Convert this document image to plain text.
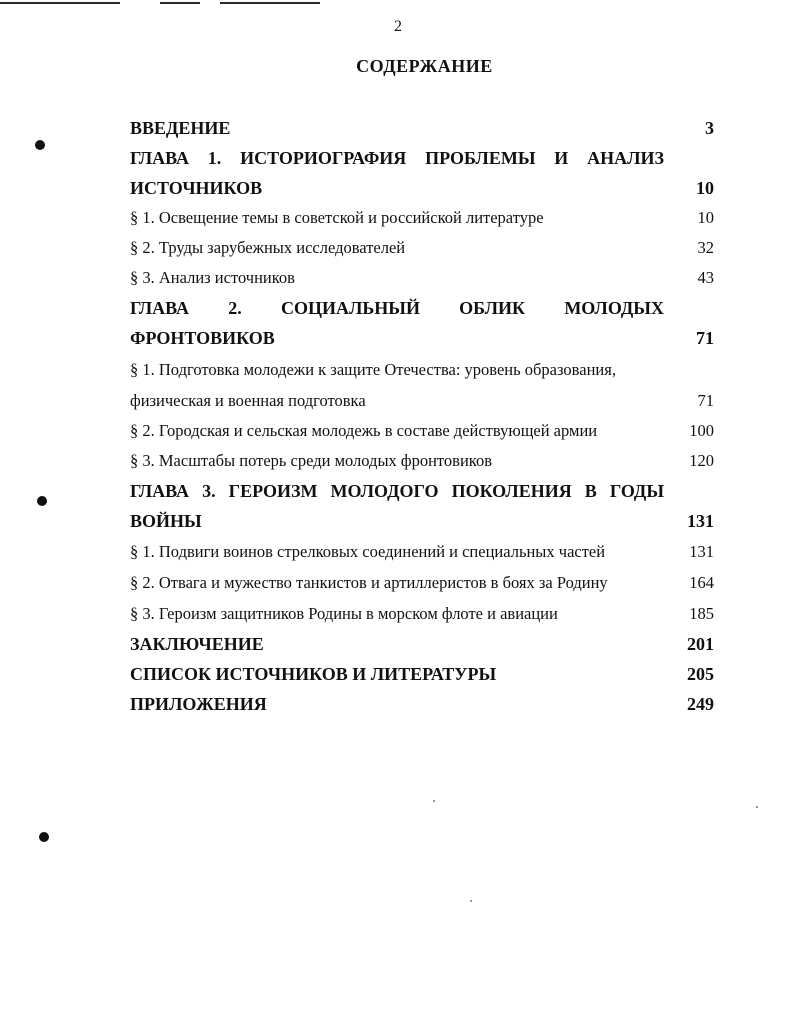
2
СОДЕРЖАНИЕ
ВВЕДЕНИЕ	3
ГЛАВА 1. ИСТОРИОГРАФИЯ ПРОБЛЕМЫ И АНАЛИЗ
ИСТОЧНИКОВ	10
§ 1. Освещение темы в советской и российской литературе	10
§ 2. Труды зарубежных исследователей	32
§ 3. Анализ источников	43
ГЛАВА 2. СОЦИАЛЬНЫЙ ОБЛИК МОЛОДЫХ
ФРОНТОВИКОВ	71
§ 1. Подготовка молодежи к защите Отечества: уровень образования,
физическая и военная подготовка	71
§ 2. Городская и сельская молодежь в составе действующей армии	100
§ 3. Масштабы потерь среди молодых фронтовиков	120
ГЛАВА 3. ГЕРОИЗМ МОЛОДОГО ПОКОЛЕНИЯ В ГОДЫ
ВОЙНЫ	131
§ 1. Подвиги воинов стрелковых соединений и специальных частей	131
§ 2. Отвага и мужество танкистов и артиллеристов в боях за Родину	164
§ 3. Героизм защитников Родины в морском флоте и авиации	185
ЗАКЛЮЧЕНИЕ	201
СПИСОК ИСТОЧНИКОВ И ЛИТЕРАТУРЫ	205
ПРИЛОЖЕНИЯ	249
